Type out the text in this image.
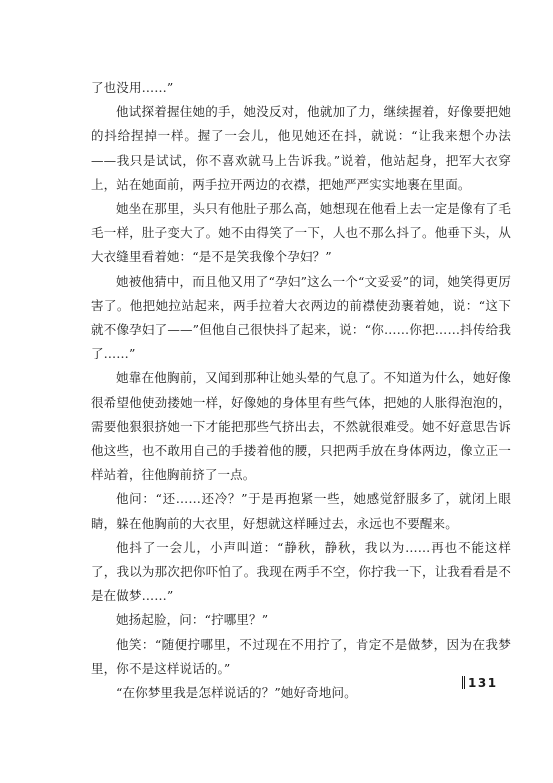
了也没用……”

他试探着握住她的手，她没反对，他就加了力，继续握着，好像要把她的抖给捏掉一样。握了一会儿，他见她还在抖，就说：“让我来想个办法——我只是试试，你不喜欢就马上告诉我。”说着，他站起身，把军大衣穿上，站在她面前，两手拉开两边的衣襟，把她严严实实地裹在里面。

她坐在那里，头只有他肚子那么高，她想现在他看上去一定是像有了毛毛一样，肚子变大了。她不由得笑了一下，人也不那么抖了。他垂下头，从大衣缝里看着她：“是不是笑我像个孕妇？”

她被他猜中，而且他又用了“孕妇”这么一个“文妥妥”的词，她笑得更厉害了。他把她拉站起来，两手拉着大衣两边的前襟使劲裹着她，说：“这下就不像孕妇了——”但他自己很快抖了起来，说：“你……你把……抖传给我了……”

她靠在他胸前，又闻到那种让她头晕的气息了。不知道为什么，她好像很希望他使劲搂她一样，好像她的身体里有些气体，把她的人胀得泡泡的，需要他狠狠挤她一下才能把那些气挤出去，不然就很难受。她不好意思告诉他这些，也不敢用自己的手搂着他的腰，只把两手放在身体两边，像立正一样站着，往他胸前挤了一点。

他问：“还……还冷？”于是再抱紧一些，她感觉舒服多了，就闭上眼睛，躲在他胸前的大衣里，好想就这样睡过去，永远也不要醒来。

他抖了一会儿，小声叫道：“静秋，静秋，我以为……再也不能这样了，我以为那次把你吓怕了。我现在两手不空，你拧我一下，让我看看是不是在做梦……”

她扬起脸，问：“拧哪里？”

他笑：“随便拧哪里，不过现在不用拧了，肯定不是做梦，因为在我梦里，你不是这样说话的。”

“在你梦里我是怎样说话的？”她好奇地问。

131
